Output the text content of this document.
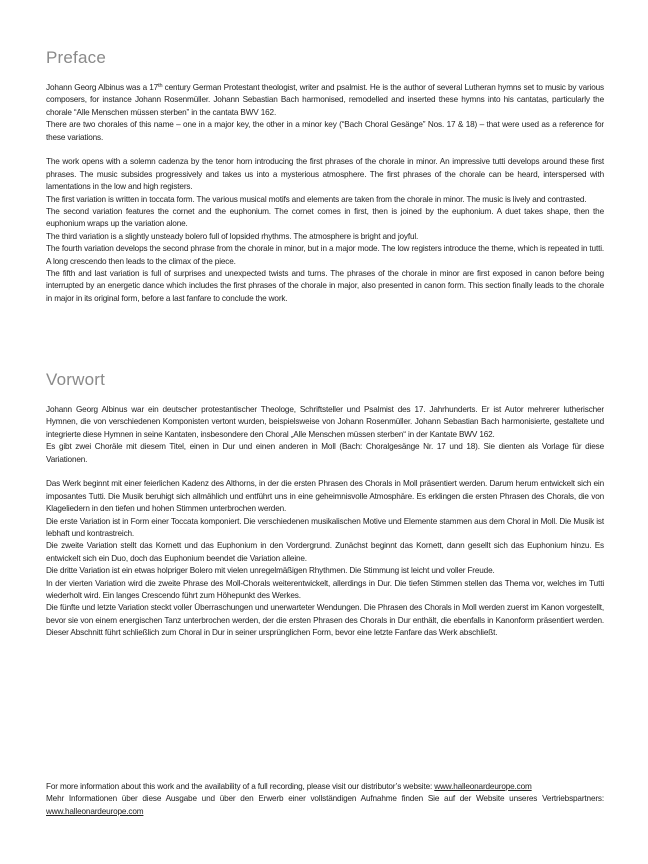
Preface

Johann Georg Albinus was a 17th century German Protestant theologist, writer and psalmist. He is the author of several Lutheran hymns set to music by various composers, for instance Johann Rosenmüller. Johann Sebastian Bach harmonised, remodelled and inserted these hymns into his cantatas, particularly the chorale “Alle Menschen müssen sterben” in the cantata BWV 162.

There are two chorales of this name – one in a major key, the other in a minor key (“Bach Choral Gesänge” Nos. 17 & 18) – that were used as a reference for these variations.

The work opens with a solemn cadenza by the tenor horn introducing the first phrases of the chorale in minor. An impressive tutti develops around these first phrases. The music subsides progressively and takes us into a mysterious atmosphere. The first phrases of the chorale can be heard, interspersed with lamentations in the low and high registers.

The first variation is written in toccata form. The various musical motifs and elements are taken from the chorale in minor. The music is lively and contrasted.

The second variation features the cornet and the euphonium. The cornet comes in first, then is joined by the euphonium. A duet takes shape, then the euphonium wraps up the variation alone.

The third variation is a slightly unsteady bolero full of lopsided rhythms. The atmosphere is bright and joyful.

The fourth variation develops the second phrase from the chorale in minor, but in a major mode. The low registers introduce the theme, which is repeated in tutti. A long crescendo then leads to the climax of the piece.

The fifth and last variation is full of surprises and unexpected twists and turns. The phrases of the chorale in minor are first exposed in canon before being interrupted by an energetic dance which includes the first phrases of the chorale in major, also presented in canon form. This section finally leads to the chorale in major in its original form, before a last fanfare to conclude the work.

Vorwort

Johann Georg Albinus war ein deutscher protestantischer Theologe, Schriftsteller und Psalmist des 17. Jahrhunderts. Er ist Autor mehrerer lutherischer Hymnen, die von verschiedenen Komponisten vertont wurden, beispielsweise von Johann Rosenmüller. Johann Sebastian Bach harmonisierte, gestaltete und integrierte diese Hymnen in seine Kantaten, insbesondere den Choral „Alle Menschen müssen sterben“ in der Kantate BWV 162.

Es gibt zwei Choräle mit diesem Titel, einen in Dur und einen anderen in Moll (Bach: Choralgesänge Nr. 17 und 18). Sie dienten als Vorlage für diese Variationen.

Das Werk beginnt mit einer feierlichen Kadenz des Althorns, in der die ersten Phrasen des Chorals in Moll präsentiert werden. Darum herum entwickelt sich ein imposantes Tutti. Die Musik beruhigt sich allmählich und entführt uns in eine geheimnisvolle Atmosphäre. Es erklingen die ersten Phrasen des Chorals, die von Klageliedern in den tiefen und hohen Stimmen unterbrochen werden.

Die erste Variation ist in Form einer Toccata komponiert. Die verschiedenen musikalischen Motive und Elemente stammen aus dem Choral in Moll. Die Musik ist lebhaft und kontrastreich.

Die zweite Variation stellt das Kornett und das Euphonium in den Vordergrund. Zunächst beginnt das Kornett, dann gesellt sich das Euphonium hinzu. Es entwickelt sich ein Duo, doch das Euphonium beendet die Variation alleine.

Die dritte Variation ist ein etwas holpriger Bolero mit vielen unregelmäßigen Rhythmen. Die Stimmung ist leicht und voller Freude.

In der vierten Variation wird die zweite Phrase des Moll-Chorals weiterentwickelt, allerdings in Dur. Die tiefen Stimmen stellen das Thema vor, welches im Tutti wiederholt wird. Ein langes Crescendo führt zum Höhepunkt des Werkes.

Die fünfte und letzte Variation steckt voller Überraschungen und unerwarteter Wendungen. Die Phrasen des Chorals in Moll werden zuerst im Kanon vorgestellt, bevor sie von einem energischen Tanz unterbrochen werden, der die ersten Phrasen des Chorals in Dur enthält, die ebenfalls in Kanonform präsentiert werden. Dieser Abschnitt führt schließlich zum Choral in Dur in seiner ursprünglichen Form, bevor eine letzte Fanfare das Werk abschließt.

For more information about this work and the availability of a full recording, please visit our distributor’s website: www.halleonardeurope.com

Mehr Informationen über diese Ausgabe und über den Erwerb einer vollständigen Aufnahme finden Sie auf der Website unseres Vertriebspartners: www.halleonardeurope.com
